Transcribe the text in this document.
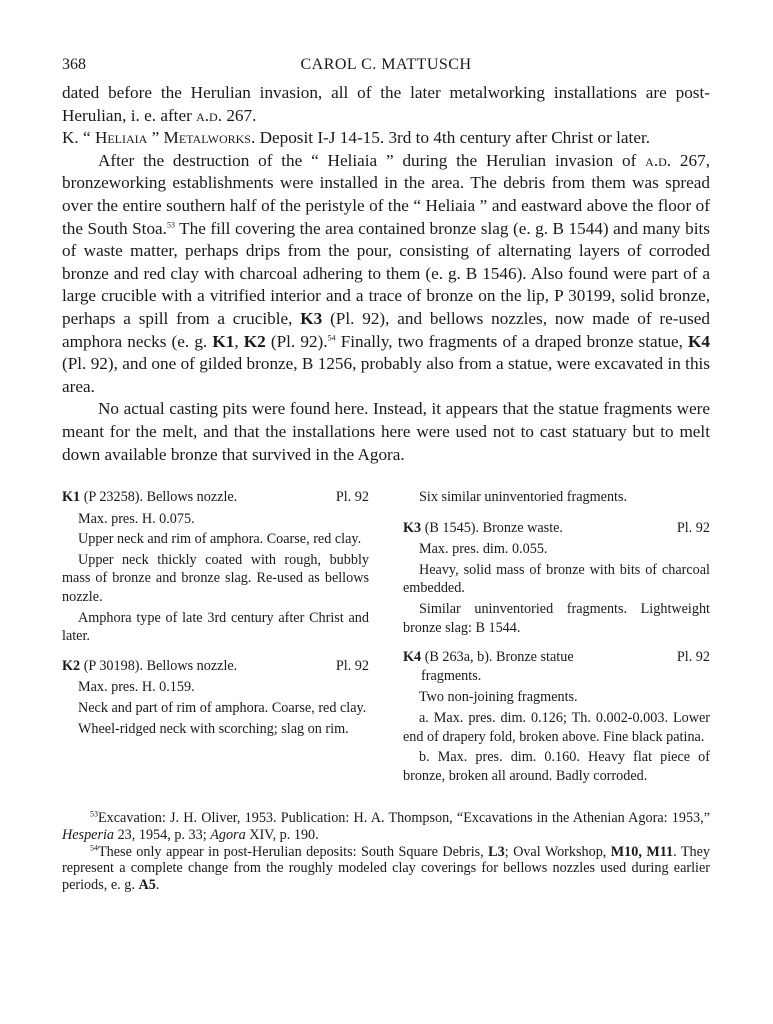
368	CAROL C. MATTUSCH

dated before the Herulian invasion, all of the later metalworking installations are post-Herulian, i. e. after a.d. 267.

K. “ Heliaia ” Metalworks. Deposit I-J 14-15. 3rd to 4th century after Christ or later.

After the destruction of the “ Heliaia ” during the Herulian invasion of a.d. 267, bronzeworking establishments were installed in the area. The debris from them was spread over the entire southern half of the peristyle of the “ Heliaia ” and eastward above the floor of the South Stoa.$^{53}$ The fill covering the area contained bronze slag (e. g. B 1544) and many bits of waste matter, perhaps drips from the pour, consisting of alternating layers of corroded bronze and red clay with charcoal adhering to them (e. g. B 1546). Also found were part of a large crucible with a vitrified interior and a trace of bronze on the lip, P 30199, solid bronze, perhaps a spill from a crucible, K3 (Pl. 92), and bellows nozzles, now made of re-used amphora necks (e. g. K1, K2 (Pl. 92).$^{54}$ Finally, two fragments of a draped bronze statue, K4 (Pl. 92), and one of gilded bronze, B 1256, probably also from a statue, were excavated in this area.

No actual casting pits were found here. Instead, it appears that the statue fragments were meant for the melt, and that the installations here were used not to cast statuary but to melt down available bronze that survived in the Agora.

K1 (P 23258). Bellows nozzle.	Pl. 92

Max. pres. H. 0.075.

Upper neck and rim of amphora. Coarse, red clay.

Upper neck thickly coated with rough, bubbly mass of bronze and bronze slag. Re-used as bellows nozzle.

Amphora type of late 3rd century after Christ and later.

K2 (P 30198). Bellows nozzle.	Pl. 92

Max. pres. H. 0.159.

Neck and part of rim of amphora. Coarse, red clay.

Wheel-ridged neck with scorching; slag on rim.

Six similar uninventoried fragments.

K3 (B 1545). Bronze waste.	Pl. 92

Max. pres. dim. 0.055.

Heavy, solid mass of bronze with bits of charcoal embedded.

Similar uninventoried fragments. Lightweight bronze slag: B 1544.

K4 (B 263a, b). Bronze statue
fragments.
Pl. 92

Two non-joining fragments.

a. Max. pres. dim. 0.126; Th. 0.002-0.003. Lower end of drapery fold, broken above. Fine black patina.

b. Max. pres. dim. 0.160. Heavy flat piece of bronze, broken all around. Badly corroded.

$^{53}$Excavation: J. H. Oliver, 1953. Publication: H. A. Thompson, “Excavations in the Athenian Agora: 1953,” Hesperia 23, 1954, p. 33; Agora XIV, p. 190.

$^{54}$These only appear in post-Herulian deposits: South Square Debris, L3; Oval Workshop, M10, M11. They represent a complete change from the roughly modeled clay coverings for bellows nozzles used during earlier periods, e. g. A5.
